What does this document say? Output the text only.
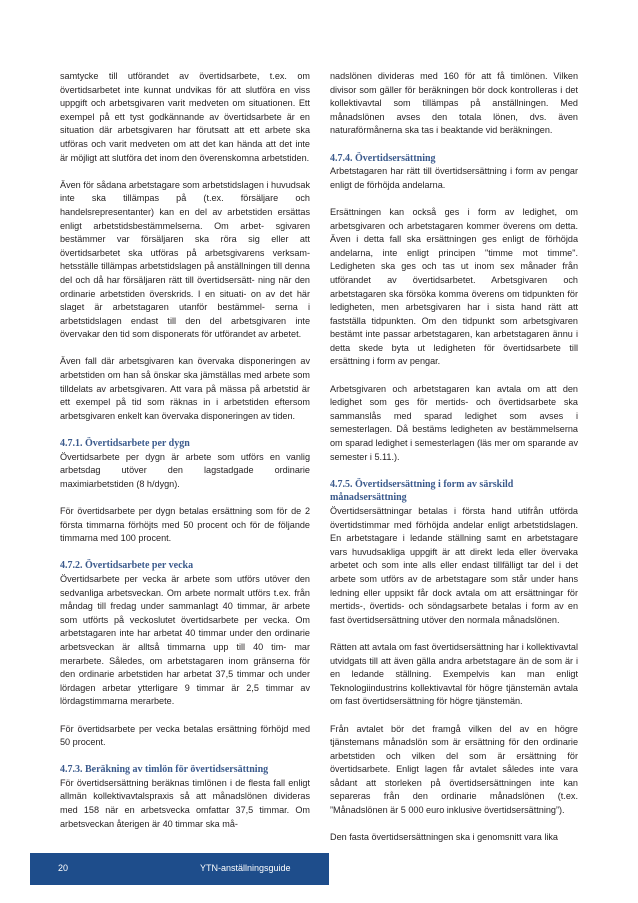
samtycke till utförandet av övertidsarbete, t.ex. om övertidsarbetet inte kunnat undvikas för att slutföra en viss uppgift och arbetsgivaren varit medveten om situationen. Ett exempel på ett tyst godkännande av övertidsarbete är en situation där arbetsgivaren har förutsatt att ett arbete ska utföras och varit medveten om att det kan hända att det inte är möjligt att slutföra det inom den överenskomna arbetstiden.

Även för sådana arbetstagare som arbetstidslagen i huvudsak inte ska tillämpas på (t.ex. försäljare och handelsrepresentanter) kan en del av arbetstiden ersättas enligt arbetstidsbestämmelserna. Om arbet- sgivaren bestämmer var försäljaren ska röra sig eller att övertidsarbetet ska utföras på arbetsgivarens verksam- hetsställe tillämpas arbetstidslagen på anställningen till denna del och då har försäljaren rätt till övertidsersätt- ning när den ordinarie arbetstiden överskrids. I en situati- on av det här slaget är arbetstagaren utanför bestämmel- serna i arbetstidslagen endast till den del arbetsgivaren inte övervakar den tid som disponerats för utförandet av arbetet.

Även fall där arbetsgivaren kan övervaka disponeringen av arbetstiden om han så önskar ska jämställas med arbete som tilldelats av arbetsgivaren. Att vara på mässa på arbetstid är ett exempel på tid som räknas in i arbetstiden eftersom arbetsgivaren enkelt kan övervaka disponeringen av tiden.

4.7.1. Övertidsarbete per dygn

Övertidsarbete per dygn är arbete som utförs en vanlig arbetsdag utöver den lagstadgade ordinarie maximiarbetstiden (8 h/dygn).

För övertidsarbete per dygn betalas ersättning som för de 2 första timmarna förhöjts med 50 procent och för de följande timmarna med 100 procent.

4.7.2. Övertidsarbete per vecka

Övertidsarbete per vecka är arbete som utförs utöver den sedvanliga arbetsveckan. Om arbete normalt utförs t.ex. från måndag till fredag under sammanlagt 40 timmar, är arbete som utförts på veckoslutet övertidsarbete per vecka. Om arbetstagaren inte har arbetat 40 timmar under den ordinarie arbetsveckan är alltså timmarna upp till 40 tim- mar merarbete. Således, om arbetstagaren inom gränserna för den ordinarie arbetstiden har arbetat 37,5 timmar och under lördagen arbetar ytterligare 9 timmar är 2,5 timmar av lördagstimmarna merarbete.

För övertidsarbete per vecka betalas ersättning förhöjd med 50 procent.

4.7.3. Beräkning av timlön för övertidsersättning

För övertidsersättning beräknas timlönen i de flesta fall enligt allmän kollektivavtalspraxis så att månadslönen divideras med 158 när en arbetsvecka omfattar 37,5 timmar. Om arbetsveckan återigen är 40 timmar ska må-

nadslönen divideras med 160 för att få timlönen. Vilken divisor som gäller för beräkningen bör dock kontrolleras i det kollektivavtal som tillämpas på anställningen. Med månadslönen avses den totala lönen, dvs. även naturaförmånerna ska tas i beaktande vid beräkningen.

4.7.4. Övertidsersättning

Arbetstagaren har rätt till övertidsersättning i form av pengar enligt de förhöjda andelarna.

Ersättningen kan också ges i form av ledighet, om arbetsgivaren och arbetstagaren kommer överens om detta. Även i detta fall ska ersättningen ges enligt de förhöjda andelarna, inte enligt principen "timme mot timme". Ledigheten ska ges och tas ut inom sex månader från utförandet av övertidsarbetet. Arbetsgivaren och arbetstagaren ska försöka komma överens om tidpunkten för ledigheten, men arbetsgivaren har i sista hand rätt att fastställa tidpunkten. Om den tidpunkt som arbetsgivaren bestämt inte passar arbetstagaren, kan arbetstagaren ännu i detta skede byta ut ledigheten för övertidsarbete till ersättning i form av pengar.

Arbetsgivaren och arbetstagaren kan avtala om att den ledighet som ges för mertids- och övertidsarbete ska sammanslås med sparad ledighet som avses i semesterlagen. Då bestäms ledigheten av bestämmelserna om sparad ledighet i semesterlagen (läs mer om sparande av semester i 5.11.).

4.7.5. Övertidsersättning i form av särskild månadsersättning

Övertidsersättningar betalas i första hand utifrån utförda övertidstimmar med förhöjda andelar enligt arbetstidslagen. En arbetstagare i ledande ställning samt en arbetstagare vars huvudsakliga uppgift är att direkt leda eller övervaka arbetet och som inte alls eller endast tillfälligt tar del i det arbete som utförs av de arbetstagare som står under hans ledning eller uppsikt får dock avtala om att ersättningar för mertids-, övertids- och söndagsarbete betalas i form av en fast övertidsersättning utöver den normala månadslönen.

Rätten att avtala om fast övertidsersättning har i kollektivavtal utvidgats till att även gälla andra arbetstagare än de som är i en ledande ställning. Exempelvis kan man enligt Teknologiindustrins kollektivavtal för högre tjänstemän avtala om fast övertidsersättning för högre tjänstemän.

Från avtalet bör det framgå vilken del av en högre tjänstemans månadslön som är ersättning för den ordinarie arbetstiden och vilken del som är ersättning för övertidsarbete. Enligt lagen får avtalet således inte vara sådant att storleken på övertidsersättningen inte kan separeras från den ordinarie månadslönen (t.ex. ”Månadslönen är 5 000 euro inklusive övertidsersättning”).

Den fasta övertidsersättningen ska i genomsnitt vara lika

20	YTN-anställningsguide
